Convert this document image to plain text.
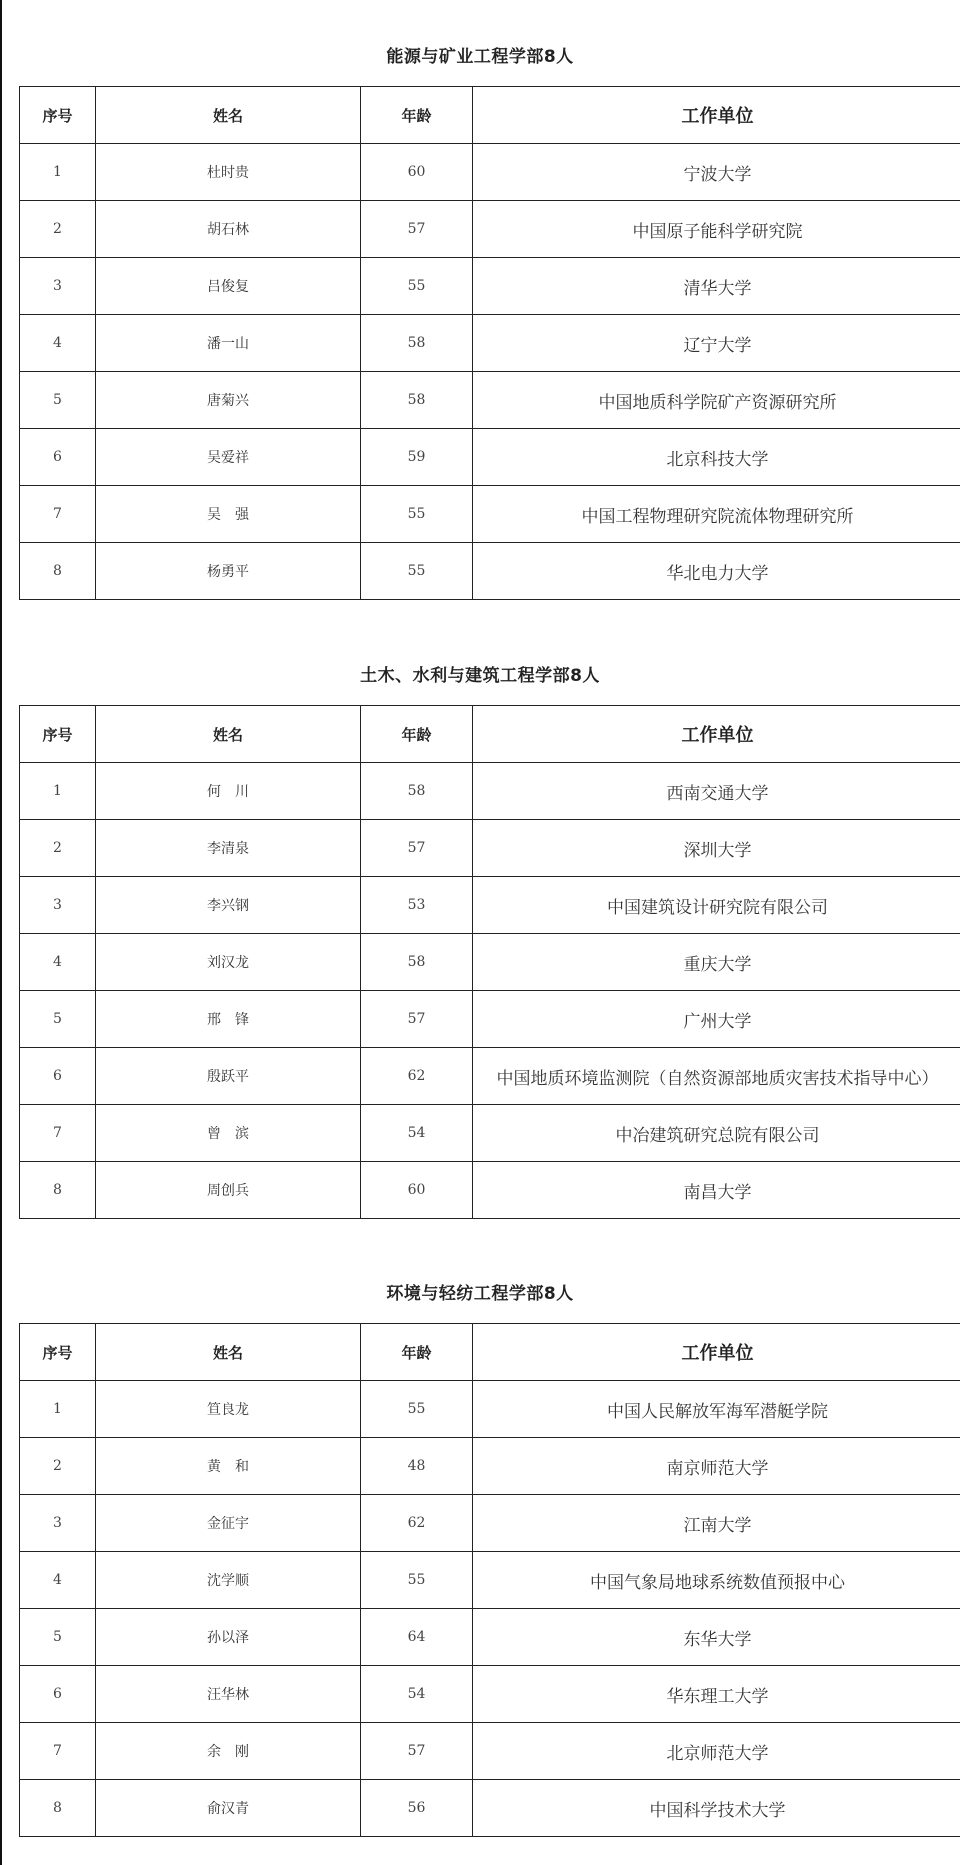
能源与矿业工程学部8人
序号	姓名	年龄	工作单位
1	杜时贵	60	宁波大学
2	胡石林	57	中国原子能科学研究院
3	吕俊复	55	清华大学
4	潘一山	58	辽宁大学
5	唐菊兴	58	中国地质科学院矿产资源研究所
6	吴爱祥	59	北京科技大学
7	吴　强	55	中国工程物理研究院流体物理研究所
8	杨勇平	55	华北电力大学
土木、水利与建筑工程学部8人
序号	姓名	年龄	工作单位
1	何　川	58	西南交通大学
2	李清泉	57	深圳大学
3	李兴钢	53	中国建筑设计研究院有限公司
4	刘汉龙	58	重庆大学
5	邢　锋	57	广州大学
6	殷跃平	62	中国地质环境监测院（自然资源部地质灾害技术指导中心）
7	曾　滨	54	中冶建筑研究总院有限公司
8	周创兵	60	南昌大学
环境与轻纺工程学部8人
序号	姓名	年龄	工作单位
1	笪良龙	55	中国人民解放军海军潜艇学院
2	黄　和	48	南京师范大学
3	金征宇	62	江南大学
4	沈学顺	55	中国气象局地球系统数值预报中心
5	孙以泽	64	东华大学
6	汪华林	54	华东理工大学
7	余　刚	57	北京师范大学
8	俞汉青	56	中国科学技术大学
